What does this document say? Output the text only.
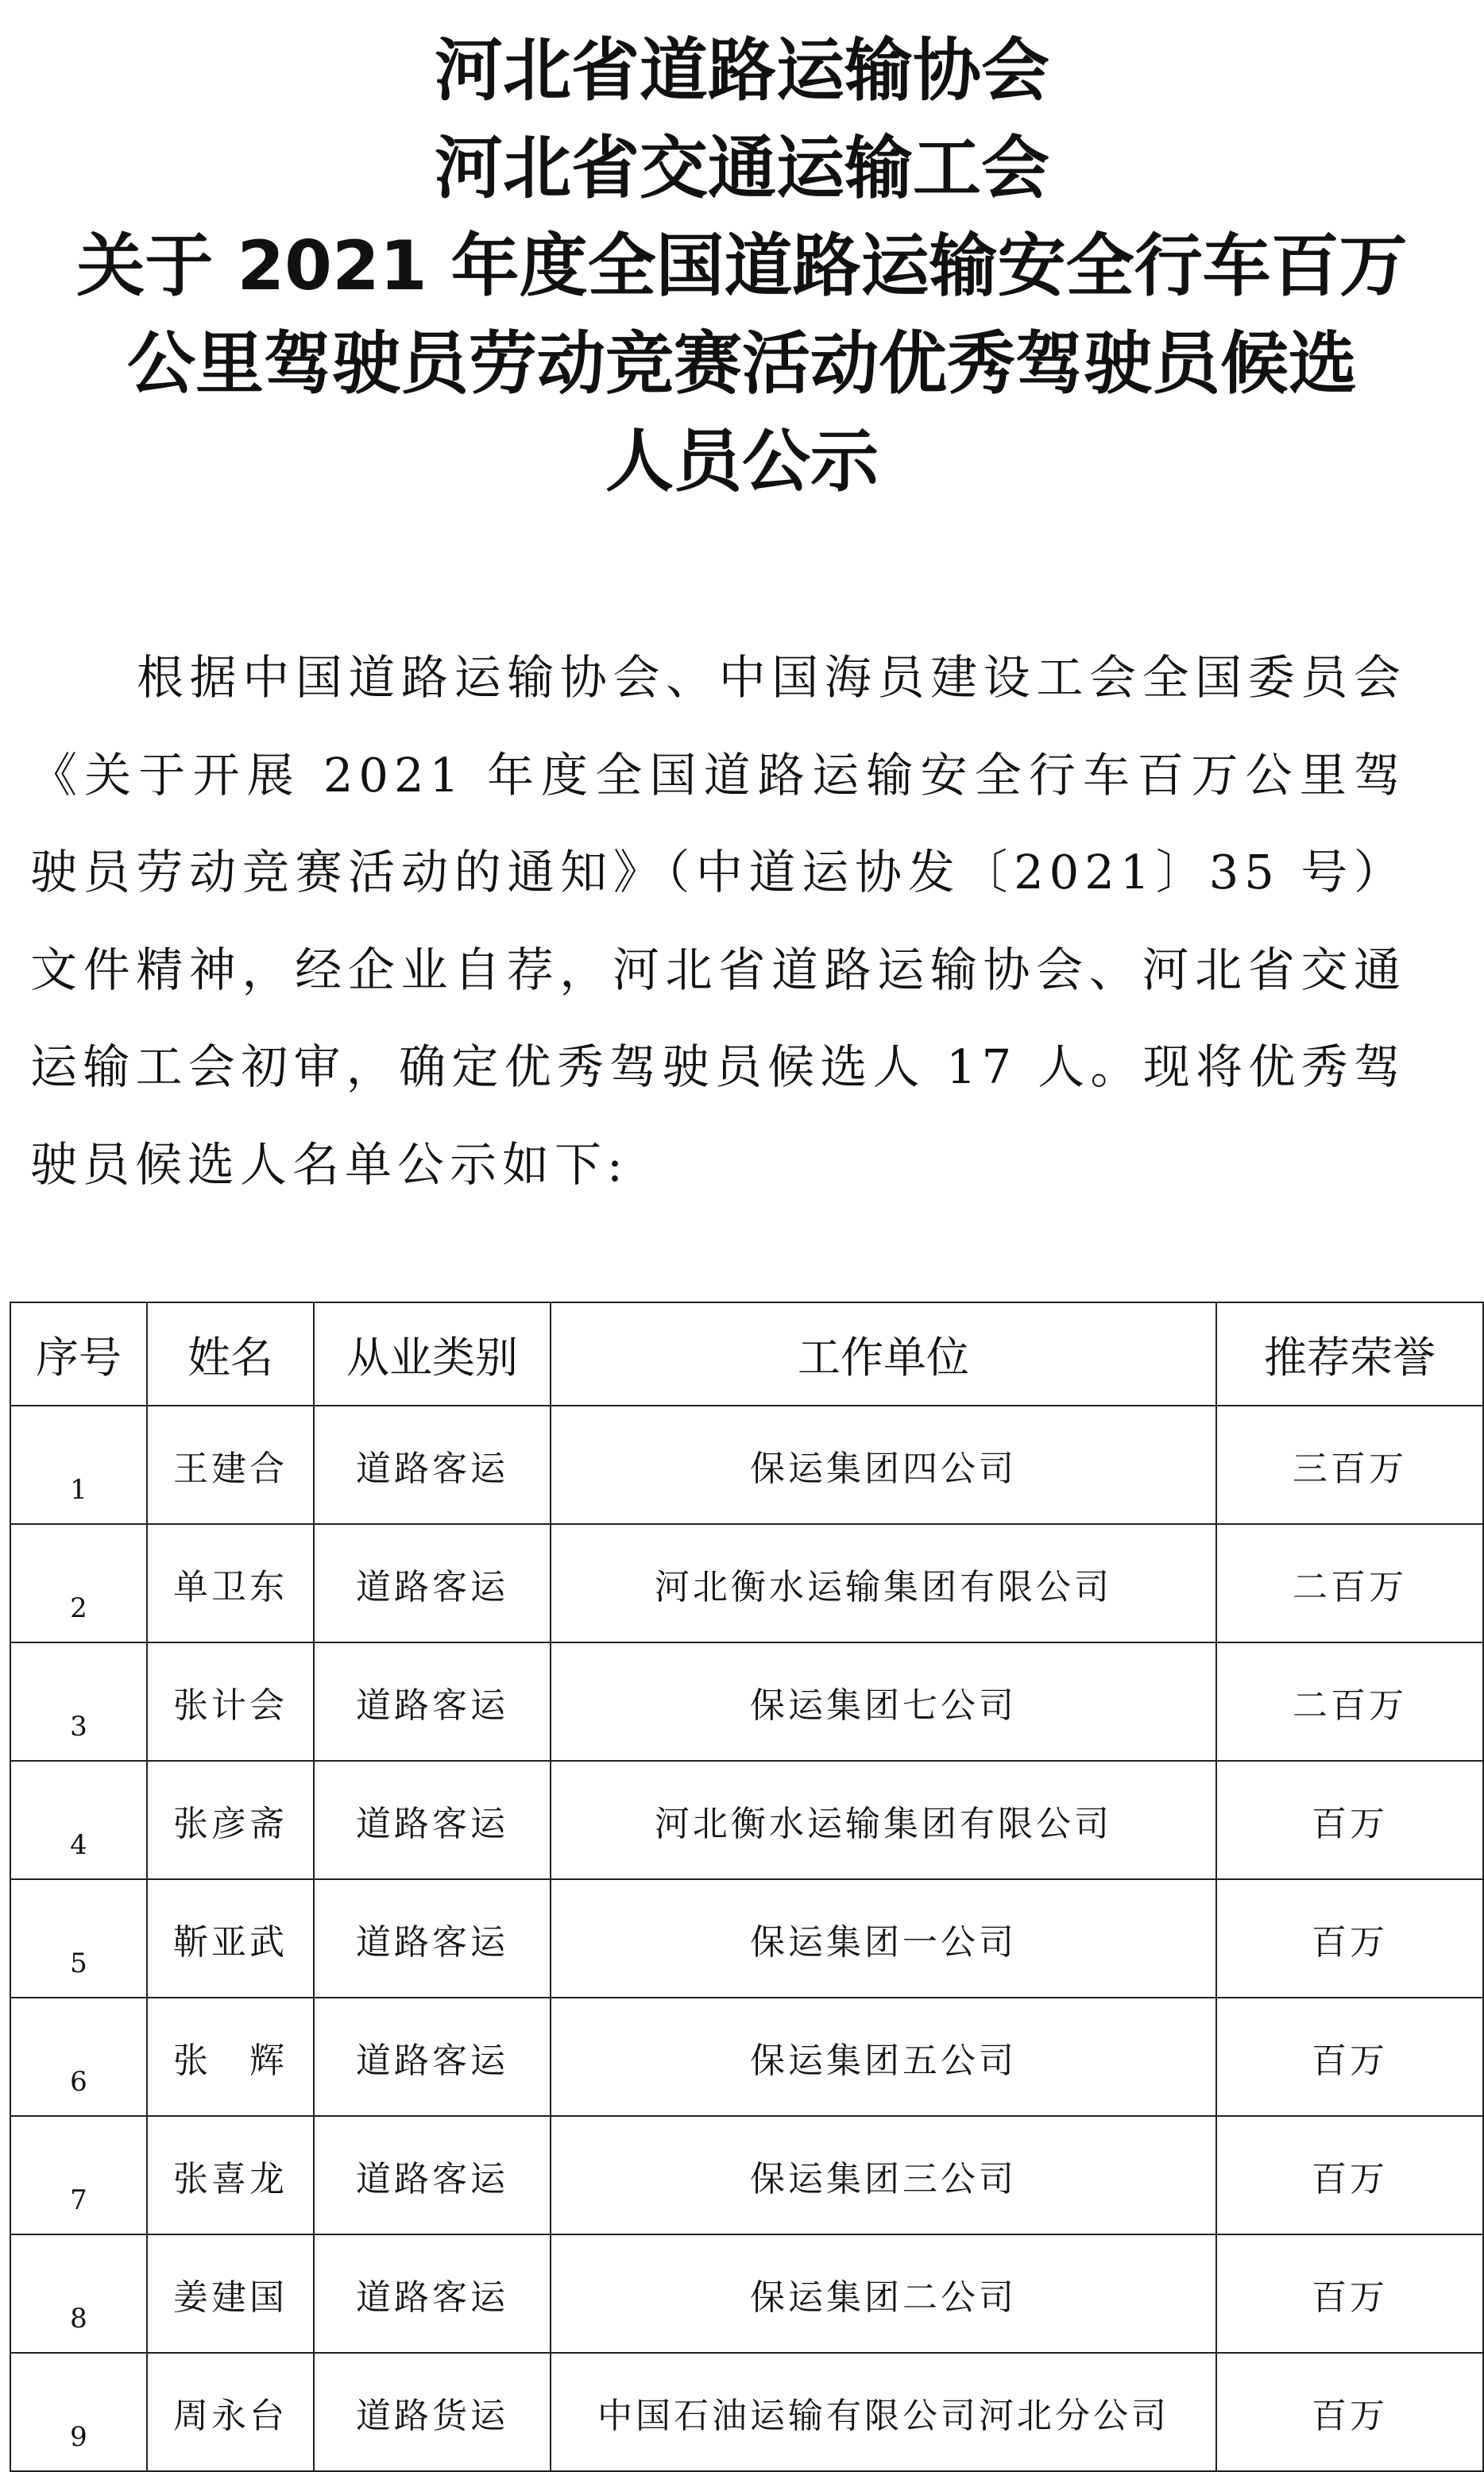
河北省道路运输协会
河北省交通运输工会
关于 2021 年度全国道路运输安全行车百万
公里驾驶员劳动竞赛活动优秀驾驶员候选
人员公示

根据中国道路运输协会、中国海员建设工会全国委员会《关于开展 2021 年度全国道路运输安全行车百万公里驾驶员劳动竞赛活动的通知》（中道运协发〔2021〕35 号）文件精神，经企业自荐，河北省道路运输协会、河北省交通运输工会初审，确定优秀驾驶员候选人 17 人。现将优秀驾驶员候选人名单公示如下:

序号	姓名	从业类别	工作单位	推荐荣誉
1	王建合	道路客运	保运集团四公司	三百万
2	单卫东	道路客运	河北衡水运输集团有限公司	二百万
3	张计会	道路客运	保运集团七公司	二百万
4	张彦斋	道路客运	河北衡水运输集团有限公司	百万
5	靳亚武	道路客运	保运集团一公司	百万
6	张　辉	道路客运	保运集团五公司	百万
7	张喜龙	道路客运	保运集团三公司	百万
8	姜建国	道路客运	保运集团二公司	百万
9	周永台	道路货运	中国石油运输有限公司河北分公司	百万
